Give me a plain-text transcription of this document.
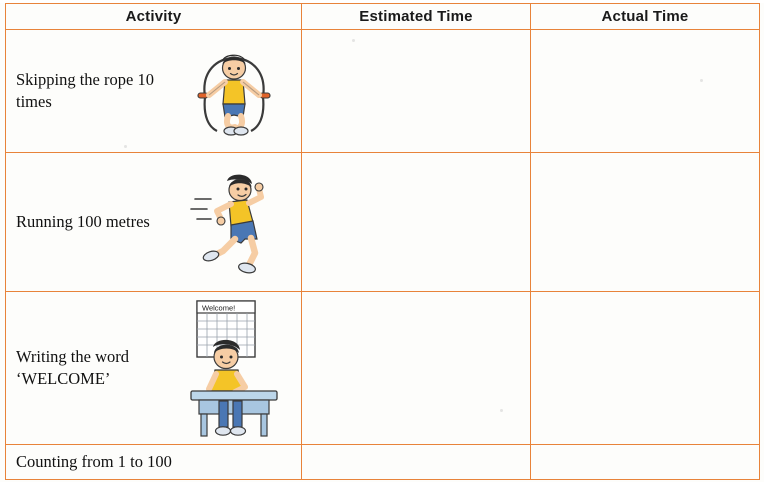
Activity	Estimated Time	Actual Time

Skipping the rope 10 times		

Running 100 metres		

Writing the word ‘WELCOME’
Welcome!		

Counting from 1 to 100		
